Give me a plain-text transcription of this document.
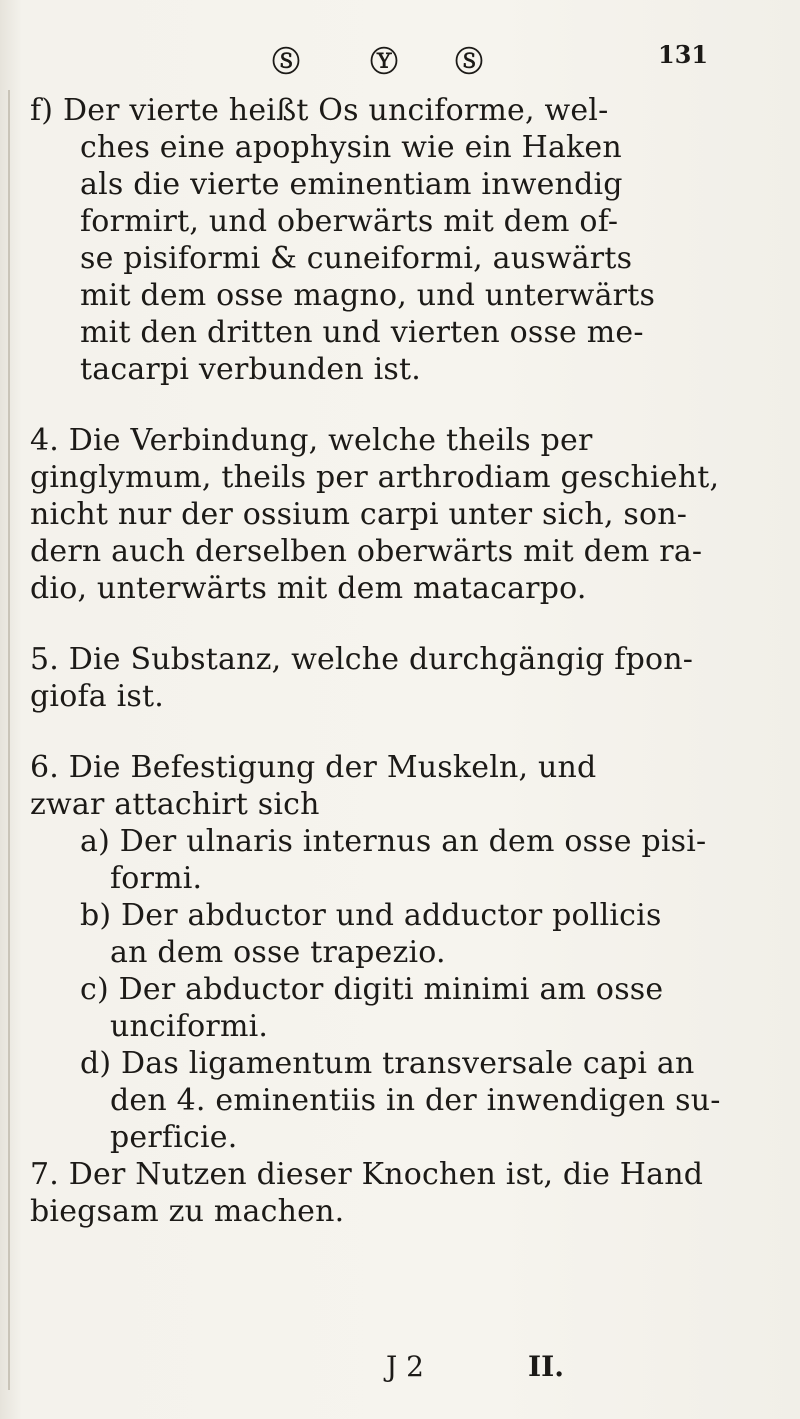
Ⓢ Ⓨ Ⓢ	131
f) Der vierte heißt Os unciforme, wel-
ches eine apophysin wie ein Haken
als die vierte eminentiam inwendig
formirt, und oberwärts mit dem of-
se pisiformi & cuneiformi, auswärts
mit dem osse magno, und unterwärts
mit den dritten und vierten osse me-
tacarpi verbunden ist.
4. Die Verbindung, welche theils per
ginglymum, theils per arthrodiam geschieht,
nicht nur der ossium carpi unter sich, son-
dern auch derselben oberwärts mit dem ra-
dio, unterwärts mit dem matacarpo.
5. Die Substanz, welche durchgängig fpon-
giofa ist.
6. Die Befestigung der Muskeln, und
zwar attachirt sich
a) Der ulnaris internus an dem osse pisi-
formi.
b) Der abductor und adductor pollicis
an dem osse trapezio.
c) Der abductor digiti minimi am osse
unciformi.
d) Das ligamentum transversale capi an
den 4. eminentiis in der inwendigen su-
perficie.
7. Der Nutzen dieser Knochen ist, die Hand
biegsam zu machen.
J 2	II.
